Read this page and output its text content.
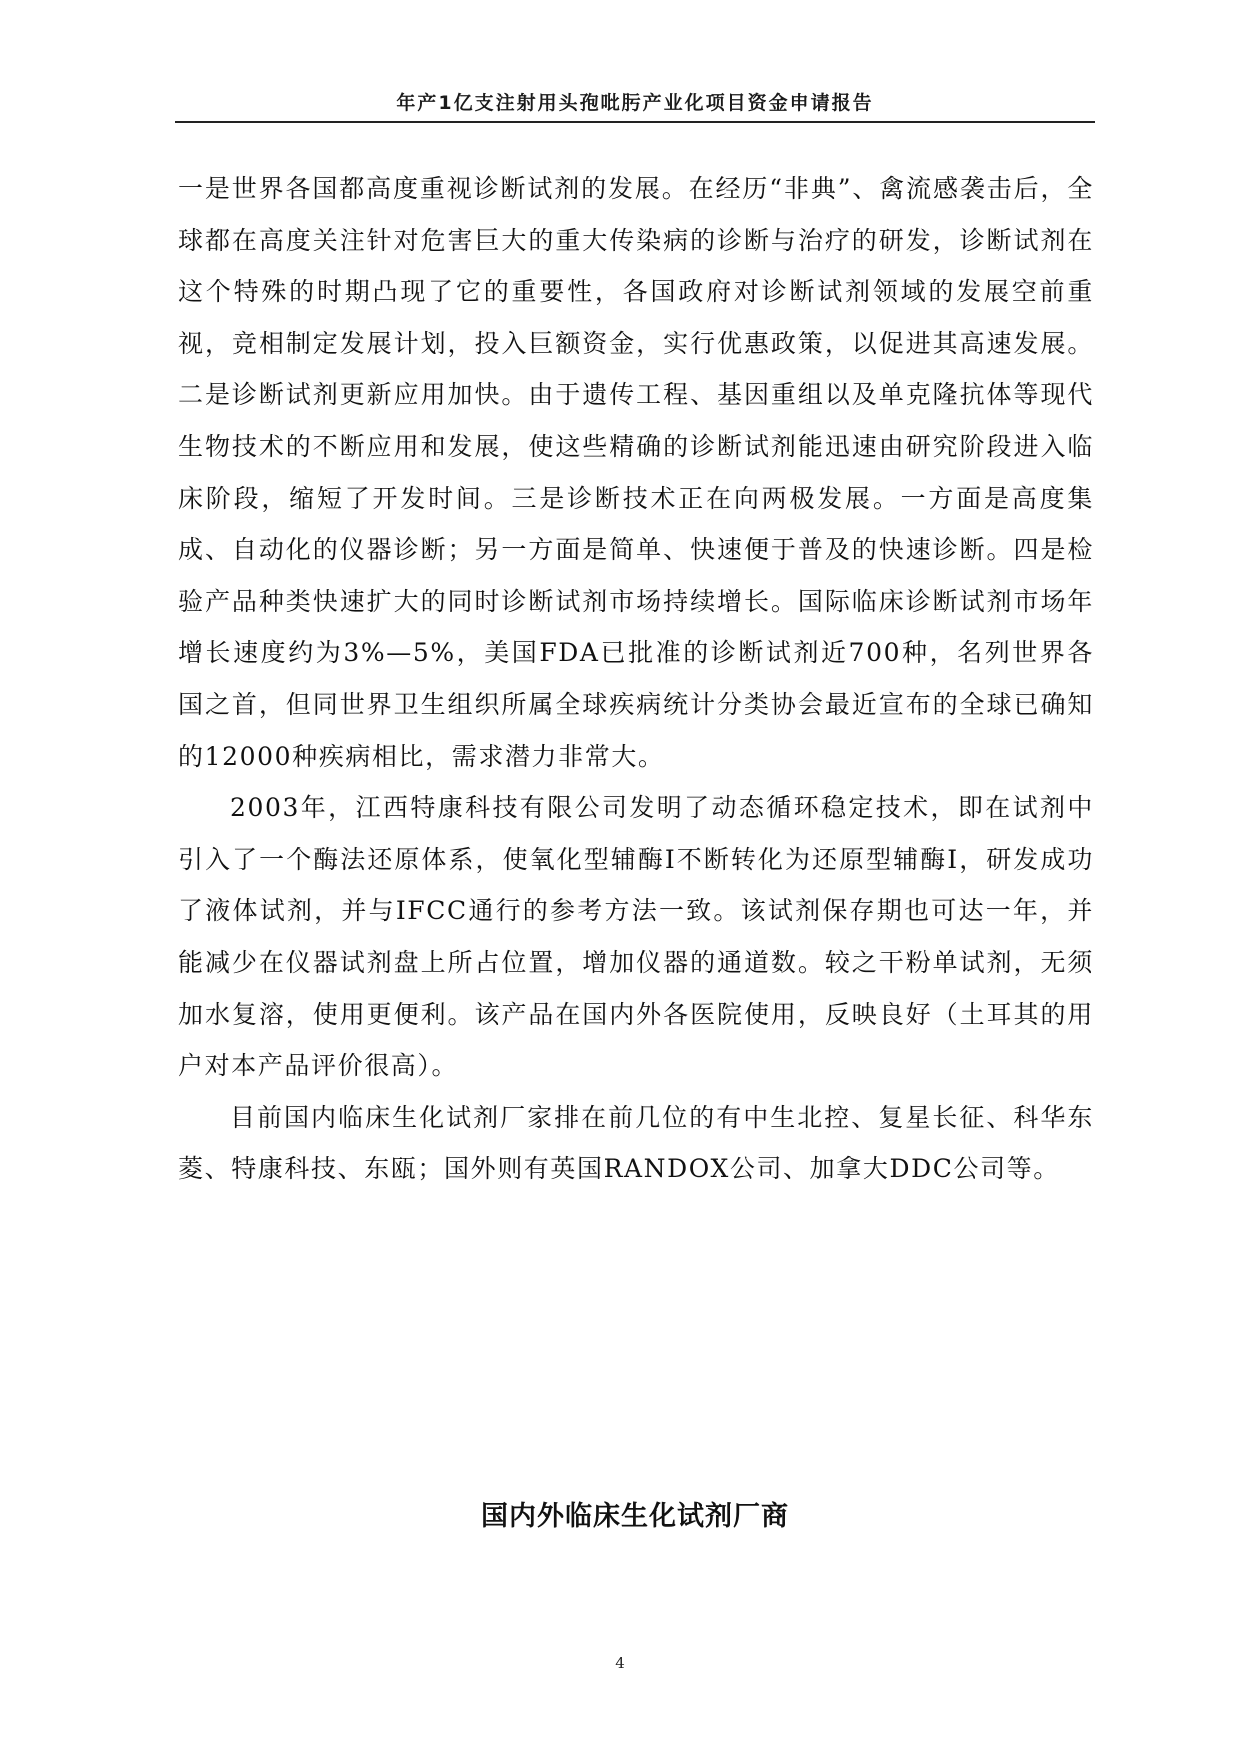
年产1亿支注射用头孢吡肟产业化项目资金申请报告

一是世界各国都高度重视诊断试剂的发展。在经历“非典”、禽流感袭击后，全球都在高度关注针对危害巨大的重大传染病的诊断与治疗的研发，诊断试剂在这个特殊的时期凸现了它的重要性，各国政府对诊断试剂领域的发展空前重视，竞相制定发展计划，投入巨额资金，实行优惠政策，以促进其高速发展。二是诊断试剂更新应用加快。由于遗传工程、基因重组以及单克隆抗体等现代生物技术的不断应用和发展，使这些精确的诊断试剂能迅速由研究阶段进入临床阶段，缩短了开发时间。三是诊断技术正在向两极发展。一方面是高度集成、自动化的仪器诊断；另一方面是简单、快速便于普及的快速诊断。四是检验产品种类快速扩大的同时诊断试剂市场持续增长。国际临床诊断试剂市场年增长速度约为3%—5%，美国FDA已批准的诊断试剂近700种，名列世界各国之首，但同世界卫生组织所属全球疾病统计分类协会最近宣布的全球已确知的12000种疾病相比，需求潜力非常大。

2003年，江西特康科技有限公司发明了动态循环稳定技术，即在试剂中引入了一个酶法还原体系，使氧化型辅酶I不断转化为还原型辅酶I，研发成功了液体试剂，并与IFCC通行的参考方法一致。该试剂保存期也可达一年，并能减少在仪器试剂盘上所占位置，增加仪器的通道数。较之干粉单试剂，无须加水复溶，使用更便利。该产品在国内外各医院使用，反映良好（土耳其的用户对本产品评价很高）。

目前国内临床生化试剂厂家排在前几位的有中生北控、复星长征、科华东菱、特康科技、东瓯；国外则有英国RANDOX公司、加拿大DDC公司等。

国内外临床生化试剂厂商
4
